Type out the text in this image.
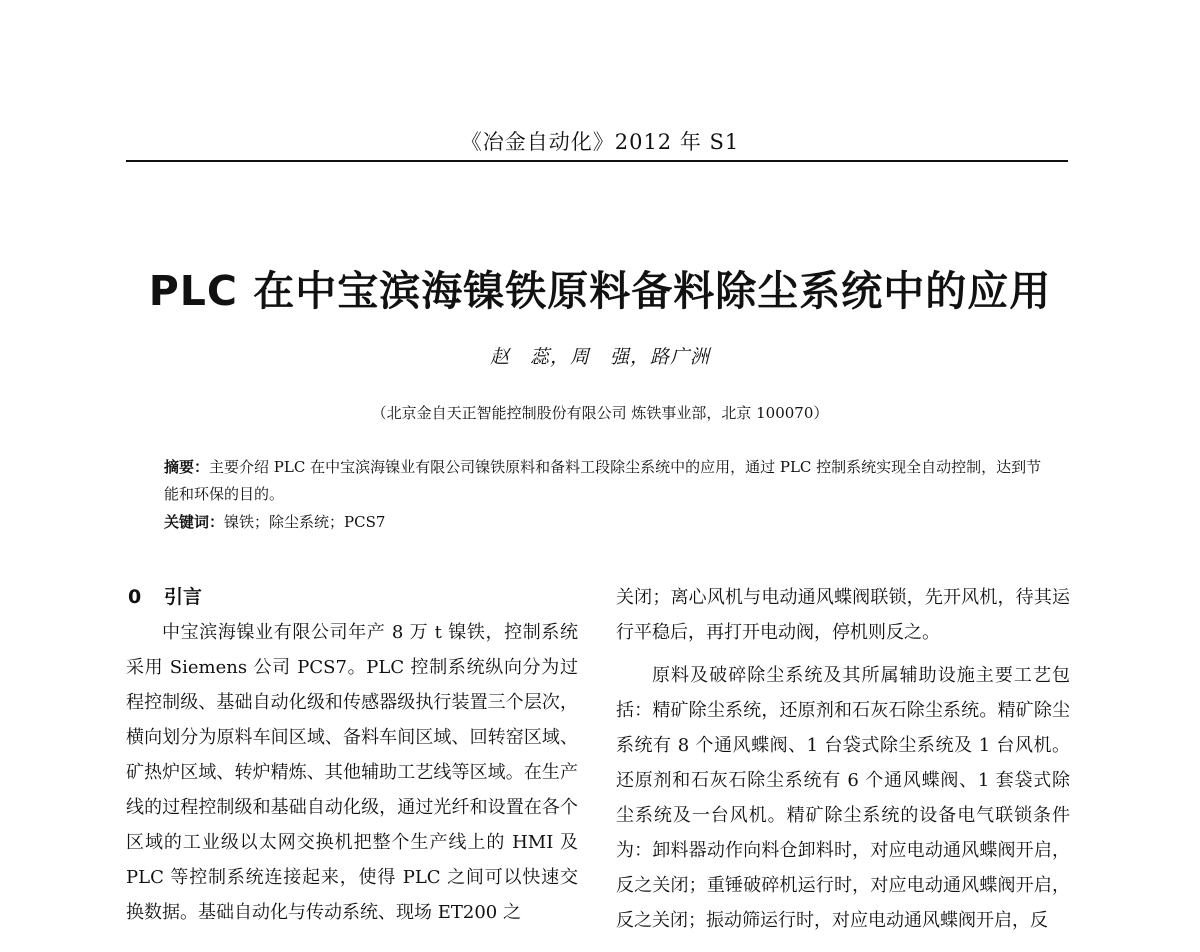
《冶金自动化》2012 年 S1
PLC 在中宝滨海镍铁原料备料除尘系统中的应用
赵　蕊，周　强，路广洲
（北京金自天正智能控制股份有限公司 炼铁事业部，北京 100070）
摘要：主要介绍 PLC 在中宝滨海镍业有限公司镍铁原料和备料工段除尘系统中的应用，通过 PLC 控制系统实现全自动控制，达到节能和环保的目的。
关键词：镍铁；除尘系统；PCS7
0 引言

中宝滨海镍业有限公司年产 8 万 t 镍铁，控制系统采用 Siemens 公司 PCS7。PLC 控制系统纵向分为过程控制级、基础自动化级和传感器级执行装置三个层次，横向划分为原料车间区域、备料车间区域、回转窑区域、矿热炉区域、转炉精炼、其他辅助工艺线等区域。在生产线的过程控制级和基础自动化级，通过光纤和设置在各个区域的工业级以太网交换机把整个生产线上的 HMI 及 PLC 等控制系统连接起来，使得 PLC 之间可以快速交换数据。基础自动化与传动系统、现场 ET200 之

关闭；离心风机与电动通风蝶阀联锁，先开风机，待其运行平稳后，再打开电动阀，停机则反之。

原料及破碎除尘系统及其所属辅助设施主要工艺包括：精矿除尘系统，还原剂和石灰石除尘系统。精矿除尘系统有 8 个通风蝶阀、1 台袋式除尘系统及 1 台风机。还原剂和石灰石除尘系统有 6 个通风蝶阀、1 套袋式除尘系统及一台风机。精矿除尘系统的设备电气联锁条件为：卸料器动作向料仓卸料时，对应电动通风蝶阀开启，反之关闭；重锤破碎机运行时，对应电动通风蝶阀开启，反之关闭；振动筛运行时，对应电动通风蝶阀开启，反
